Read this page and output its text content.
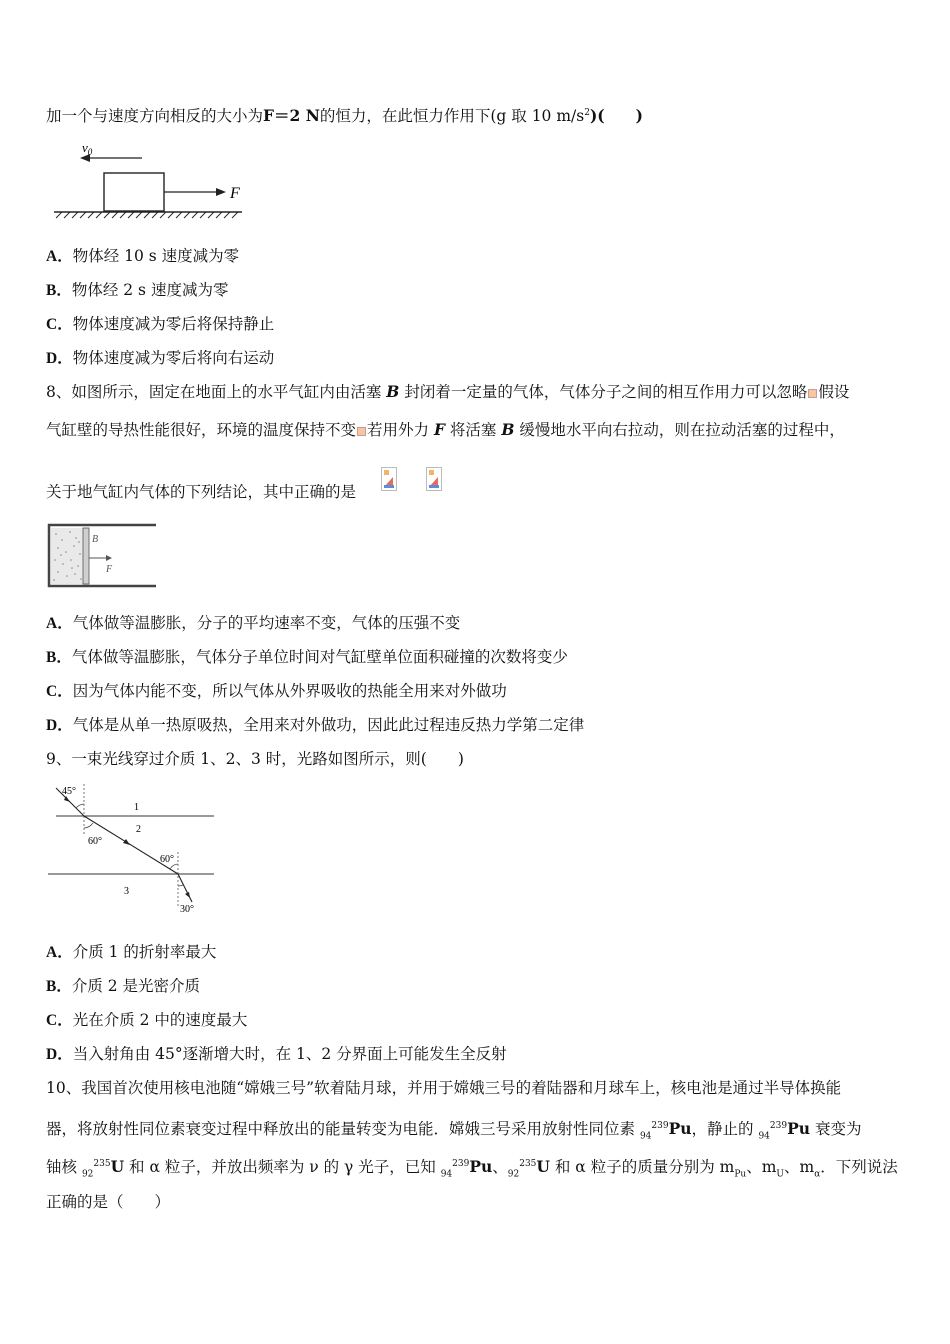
加一个与速度方向相反的大小为F＝2 N的恒力，在此恒力作用下(g 取 10 $m/s^2$)(　　)
$v_0$
F
A．物体经 10 s 速度减为零
B．物体经 2 s 速度减为零
C．物体速度减为零后将保持静止
D．物体速度减为零后将向右运动
8、如图所示，固定在地面上的水平气缸内由活塞 B 封闭着一定量的气体，气体分子之间的相互作用力可以忽略 假设
气缸壁的导热性能很好，环境的温度保持不变 若用外力 F 将活塞 B 缓慢地水平向右拉动，则在拉动活塞的过程中，
关于地气缸内气体的下列结论，其中正确的是
B
F
A．气体做等温膨胀，分子的平均速率不变，气体的压强不变
B．气体做等温膨胀，气体分子单位时间对气缸壁单位面积碰撞的次数将变少
C．因为气体内能不变，所以气体从外界吸收的热能全用来对外做功
D．气体是从单一热原吸热，全用来对外做功，因此此过程违反热力学第二定律
9、一束光线穿过介质 1、2、3 时，光路如图所示，则(　　)
45°
1
2
60°
60°
3
30°
A．介质 1 的折射率最大
B．介质 2 是光密介质
C．光在介质 2 中的速度最大
D．当入射角由 45°逐渐增大时，在 1、2 分界面上可能发生全反射
10、我国首次使用核电池随“嫦娥三号”软着陆月球，并用于嫦娥三号的着陆器和月球车上，核电池是通过半导体换能
器，将放射性同位素衰变过程中释放出的能量转变为电能．嫦娥三号采用放射性同位素 $_{94}^{239}$Pu，静止的 $_{94}^{239}$Pu 衰变为
铀核 $_{92}^{235}$U 和 α 粒子，并放出频率为 ν 的 γ 光子，已知 $_{94}^{239}$Pu、$_{92}^{235}$U 和 α 粒子的质量分别为 $m_{Pu}$、$m_U$、$m_\alpha$．下列说法
正确的是（　　）
